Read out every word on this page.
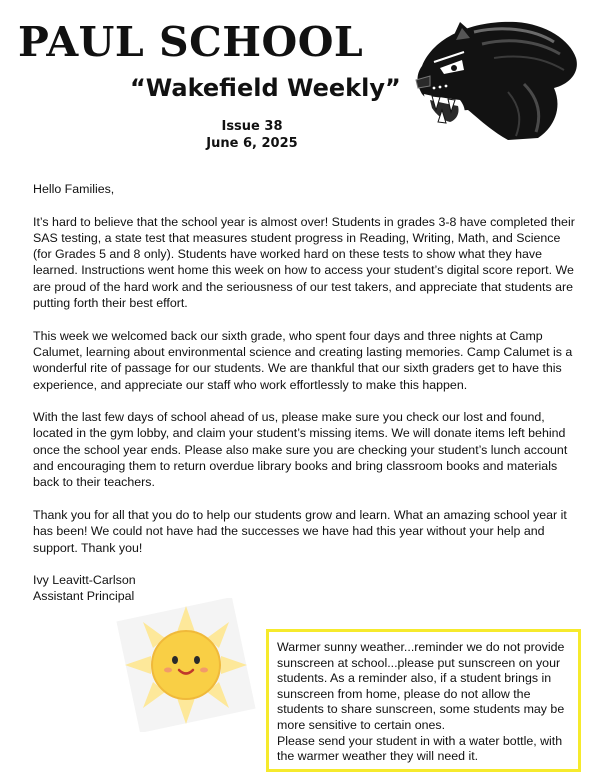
PAUL SCHOOL
“Wakefield Weekly”
Issue 38
June 6, 2025

Hello Families,

It’s hard to believe that the school year is almost over! Students in grades 3-8 have completed their SAS testing, a state test that measures student progress in Reading, Writing, Math, and Science (for Grades 5 and 8 only). Students have worked hard on these tests to show what they have learned. Instructions went home this week on how to access your student’s digital score report. We are proud of the hard work and the seriousness of our test takers, and appreciate that students are putting forth their best effort.

This week we welcomed back our sixth grade, who spent four days and three nights at Camp Calumet, learning about environmental science and creating lasting memories. Camp Calumet is a wonderful rite of passage for our students. We are thankful that our sixth graders get to have this experience, and appreciate our staff who work effortlessly to make this happen.

With the last few days of school ahead of us, please make sure you check our lost and found, located in the gym lobby, and claim your student’s missing items. We will donate items left behind once the school year ends. Please also make sure you are checking your student’s lunch account and encouraging them to return overdue library books and bring classroom books and materials back to their teachers.

Thank you for all that you do to help our students grow and learn. What an amazing school year it has been! We could not have had the successes we have had this year without your help and support. Thank you!

Ivy Leavitt-Carlson
Assistant Principal
Warmer sunny weather...reminder we do not provide sunscreen at school...please put sunscreen on your students. As a reminder also, if a student brings in sunscreen from home, please do not allow the students to share sunscreen, some students may be more sensitive to certain ones.
Please send your student in with a water bottle, with the warmer weather they will need it.
